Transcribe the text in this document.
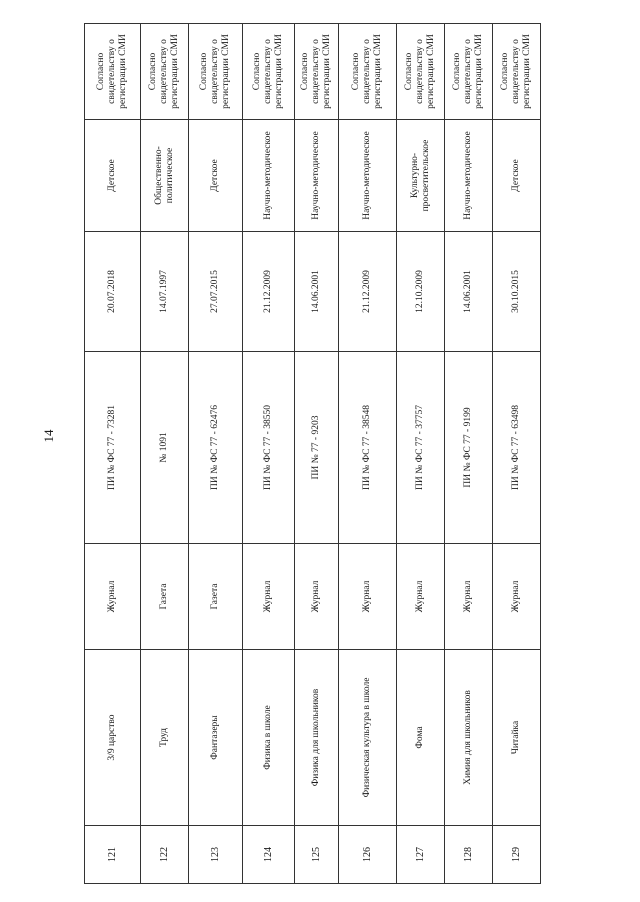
14
121	3/9 царство	Журнал	ПИ № ФС 77 - 73281	20.07.2018	Детское	Согласно свидетельству о регистрации СМИ
122	Труд	Газета	№ 1091	14.07.1997	Общественно-политическое	Согласно свидетельству о регистрации СМИ
123	Фантазеры	Газета	ПИ № ФС 77 - 62476	27.07.2015	Детское	Согласно свидетельству о регистрации СМИ
124	Физика в школе	Журнал	ПИ № ФС 77 - 38550	21.12.2009	Научно-методическое	Согласно свидетельству о регистрации СМИ
125	Физика для школьников	Журнал	ПИ № 77 - 9203	14.06.2001	Научно-методическое	Согласно свидетельству о регистрации СМИ
126	Физическая культура в школе	Журнал	ПИ № ФС 77 - 38548	21.12.2009	Научно-методическое	Согласно свидетельству о регистрации СМИ
127	Фома	Журнал	ПИ № ФС 77 - 37757	12.10.2009	Культурно-просветительское	Согласно свидетельству о регистрации СМИ
128	Химия для школьников	Журнал	ПИ № ФС 77 - 9199	14.06.2001	Научно-методическое	Согласно свидетельству о регистрации СМИ
129	Читайка	Журнал	ПИ № ФС 77 - 63498	30.10.2015	Детское	Согласно свидетельству о регистрации СМИ
